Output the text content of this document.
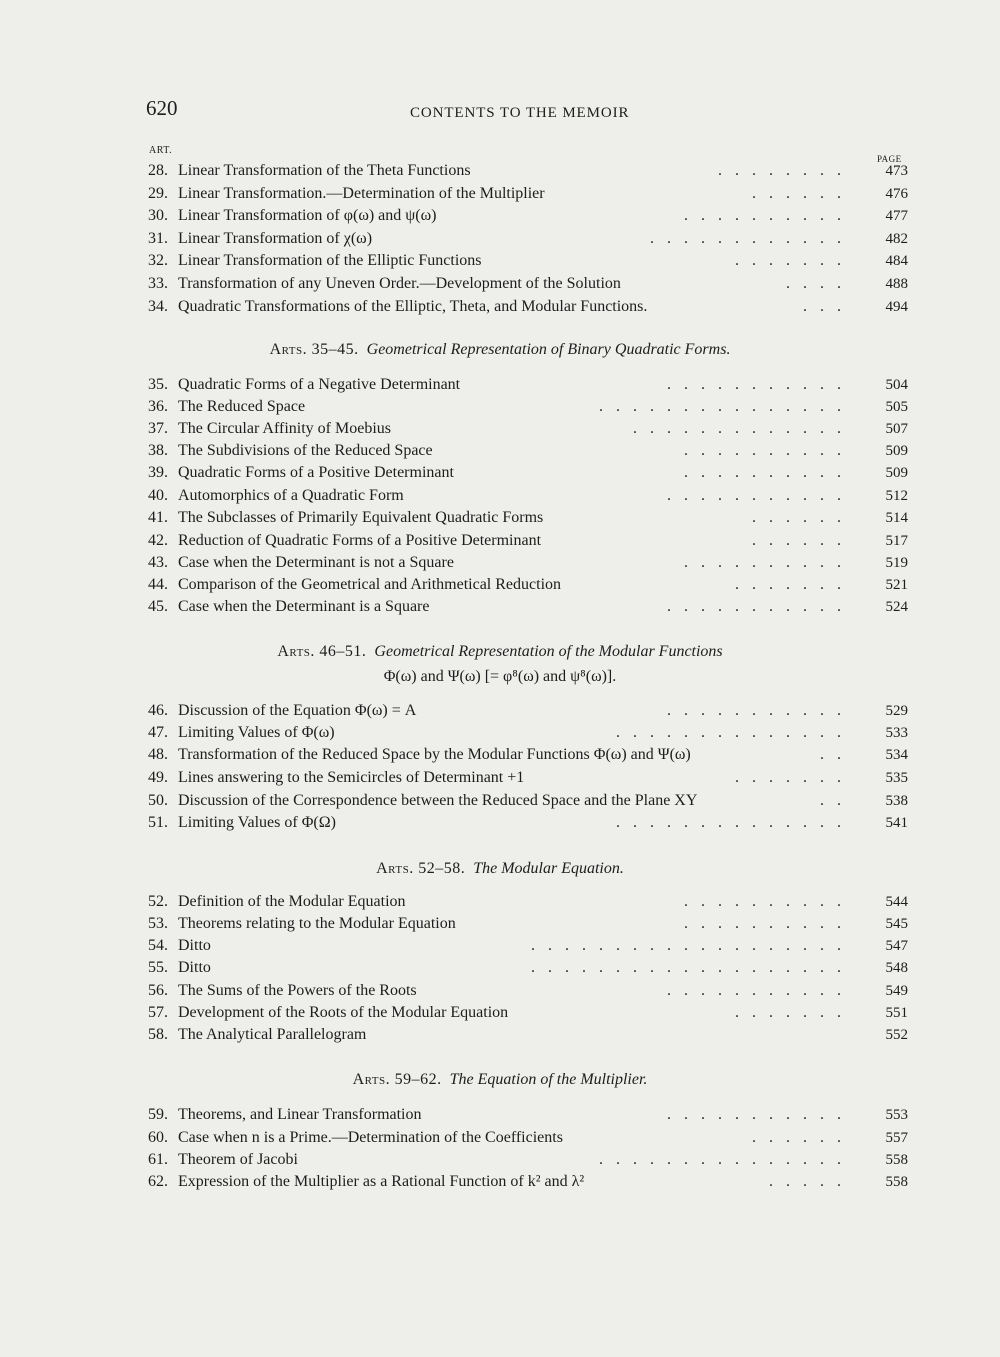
620	CONTENTS TO THE MEMOIR
ART.
PAGE
28. Linear Transformation of the Theta Functions	........ 473
29. Linear Transformation.—Determination of the Multiplier	...... 476
30. Linear Transformation of φ(ω) and ψ(ω)	.......... 477
31. Linear Transformation of χ(ω)	............ 482
32. Linear Transformation of the Elliptic Functions	....... 484
33. Transformation of any Uneven Order.—Development of the Solution	.... 488
34. Quadratic Transformations of the Elliptic, Theta, and Modular Functions.	... 494
Arts. 35–45. Geometrical Representation of Binary Quadratic Forms.
35. Quadratic Forms of a Negative Determinant	........... 504
36. The Reduced Space	............... 505
37. The Circular Affinity of Moebius	............. 507
38. The Subdivisions of the Reduced Space	.......... 509
39. Quadratic Forms of a Positive Determinant	.......... 509
40. Automorphics of a Quadratic Form	........... 512
41. The Subclasses of Primarily Equivalent Quadratic Forms	...... 514
42. Reduction of Quadratic Forms of a Positive Determinant	...... 517
43. Case when the Determinant is not a Square	.......... 519
44. Comparison of the Geometrical and Arithmetical Reduction	....... 521
45. Case when the Determinant is a Square	........... 524
Arts. 46–51. Geometrical Representation of the Modular Functions
Φ(ω) and Ψ(ω) [= φ⁸(ω) and ψ⁸(ω)].
46. Discussion of the Equation Φ(ω) = A	........... 529
47. Limiting Values of Φ(ω)	.............. 533
48. Transformation of the Reduced Space by the Modular Functions Φ(ω) and Ψ(ω)	.. 534
49. Lines answering to the Semicircles of Determinant +1	....... 535
50. Discussion of the Correspondence between the Reduced Space and the Plane XY	.. 538
51. Limiting Values of Φ(Ω)	.............. 541
Arts. 52–58. The Modular Equation.
52. Definition of the Modular Equation	.......... 544
53. Theorems relating to the Modular Equation	.......... 545
54. Ditto	................... 547
55. Ditto	................... 548
56. The Sums of the Powers of the Roots	........... 549
57. Development of the Roots of the Modular Equation	....... 551
58. The Analytical Parallelogram	552
Arts. 59–62. The Equation of the Multiplier.
59. Theorems, and Linear Transformation	........... 553
60. Case when n is a Prime.—Determination of the Coefficients	...... 557
61. Theorem of Jacobi	............... 558
62. Expression of the Multiplier as a Rational Function of k² and λ²	..... 558
